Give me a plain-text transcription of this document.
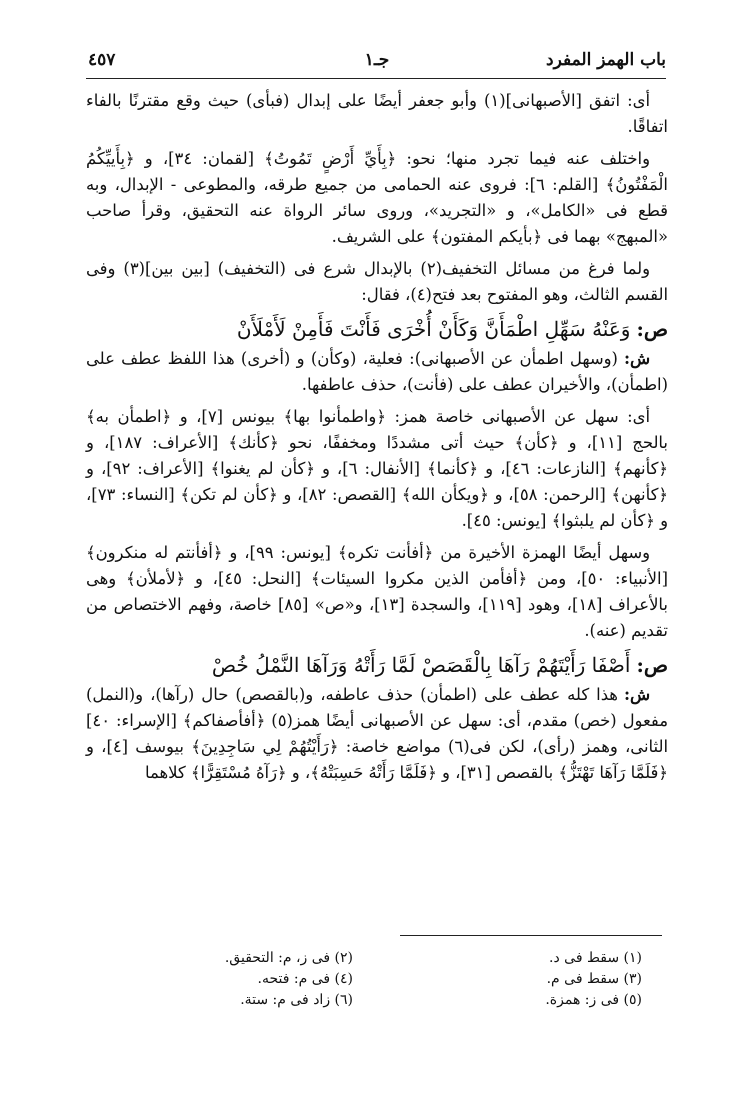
باب الهمز المفرد
جـ١
٤٥٧

أى: اتفق [الأصبهانى](١) وأبو جعفر أيضًا على إبدال (فبأى) حيث وقع مقترنًا بالفاء اتفاقًا.

واختلف عنه فيما تجرد منها؛ نحو: ﴿بِأَيِّ أَرْضٍ تَمُوتُ﴾ [لقمان: ٣٤]، و ﴿بِأَييِّكُمُ الْمَفْتُونُ﴾ [القلم: ٦]: فروى عنه الحمامى من جميع طرقه، والمطوعى - الإبدال، وبه قطع فى «الكامل»، و «التجريد»، وروى سائر الرواة عنه التحقيق، وقرأ صاحب «المبهج» بهما فى ﴿بأيكم المفتون﴾ على الشريف.

ولما فرغ من مسائل التخفيف(٢) بالإبدال شرع فى (التخفيف) [بين بين](٣) وفى القسم الثالث، وهو المفتوح بعد فتح(٤)، فقال:

ص:وَعَنْهُ سَهِّلِ اطْمَأَنَّ وَكَأَنْ أُخْرَى فَأَنْتَ فَأَمِنْ لَأَمْلَأَنْ

ش:(وسهل اطمأن عن الأصبهانى): فعلية، (وكأن) و (أخرى) هذا اللفظ عطف على (اطمأن)، والأخيران عطف على (فأنت)، حذف عاطفها.

أى: سهل عن الأصبهانى خاصة همز: ﴿واطمأنوا بها﴾ بيونس [٧]، و ﴿اطمأن به﴾ بالحج [١١]، و ﴿كأن﴾ حيث أتى مشددًا ومخففًا، نحو ﴿كأنك﴾ [الأعراف: ١٨٧]، و ﴿كأنهم﴾ [النازعات: ٤٦]، و ﴿كأنما﴾ [الأنفال: ٦]، و ﴿كأن لم يغنوا﴾ [الأعراف: ٩٢]، و ﴿كأنهن﴾ [الرحمن: ٥٨]، و ﴿ويكأن الله﴾ [القصص: ٨٢]، و ﴿كأن لم تكن﴾ [النساء: ٧٣]، و ﴿كأن لم يلبثوا﴾ [يونس: ٤٥].

وسهل أيضًا الهمزة الأخيرة من ﴿أفأنت تكره﴾ [يونس: ٩٩]، و ﴿أفأنتم له منكرون﴾ [الأنبياء: ٥٠]، ومن ﴿أفأمن الذين مكروا السيئات﴾ [النحل: ٤٥]، و ﴿لأملأن﴾ وهى بالأعراف [١٨]، وهود [١١٩]، والسجدة [١٣]، و«ص» [٨٥] خاصة، وفهم الاختصاص من تقديم (عنه).

ص:أَصْفَا رَأَيْتَهُمْ رَآهَا بِالْقَصَصْ لَمَّا رَأَتْهُ وَرَآهَا النَّمْلُ خُصْ

ش:هذا كله عطف على (اطمأن) حذف عاطفه، و(بالقصص) حال (رآها)، و(النمل) مفعول (خص) مقدم، أى: سهل عن الأصبهانى أيضًا همز(٥) ﴿أفأصفاكم﴾ [الإسراء: ٤٠] الثانى، وهمز (رأى)، لكن فى(٦) مواضع خاصة: ﴿رَأَيْتُهُمْ لِي سَاجِدِينَ﴾ بيوسف [٤]، و ﴿فَلَمَّا رَآهَا تَهْتَزُّ﴾ بالقصص [٣١]، و ﴿فَلَمَّا رَأَتْهُ حَسِبَتْهُ﴾، و ﴿رَآهُ مُسْتَقِرًّا﴾ كلاهما

(١) سقط فى د.
(٢) فى ز، م: التحقيق.
(٣) سقط فى م.
(٤) فى م: فتحه.
(٥) فى ز: همزة.
(٦) زاد فى م: ستة.
